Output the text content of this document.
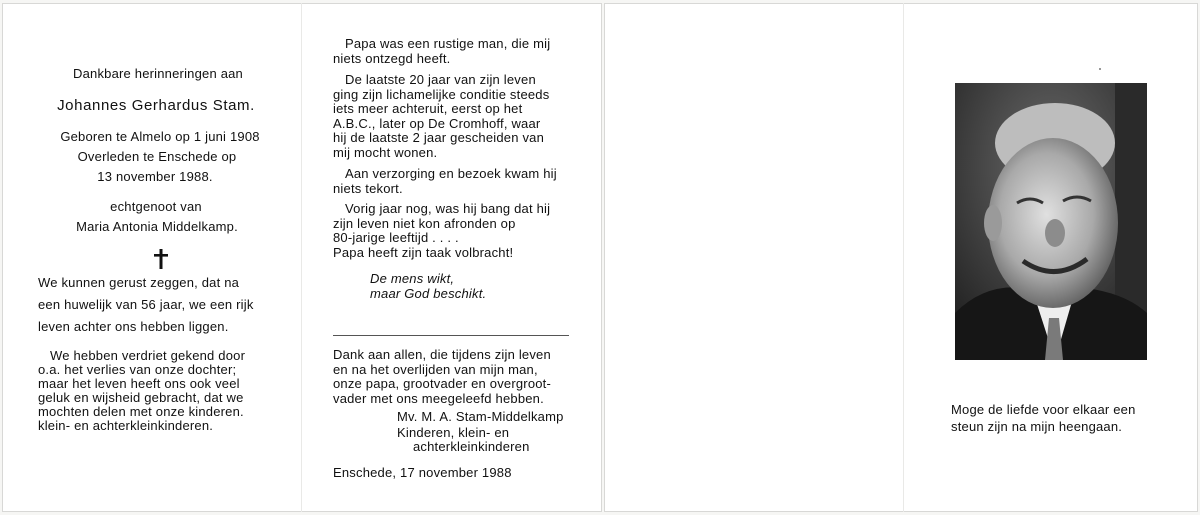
Dankbare herinneringen aan
Johannes Gerhardus Stam.
Geboren te Almelo op 1 juni 1908
Overleden te Enschede op
13 november 1988.
echtgenoot van
Maria Antonia Middelkamp.
We kunnen gerust zeggen, dat na
een huwelijk van 56 jaar, we een rijk
leven achter ons hebben liggen.
We hebben verdriet gekend door
o.a. het verlies van onze dochter;
maar het leven heeft ons ook veel
geluk en wijsheid gebracht, dat we
mochten delen met onze kinderen.
klein- en achterkleinkinderen.
Papa was een rustige man, die mij
niets ontzegd heeft.
De laatste 20 jaar van zijn leven
ging zijn lichamelijke conditie steeds
iets meer achteruit, eerst op het
A.B.C., later op De Cromhoff, waar
hij de laatste 2 jaar gescheiden van
mij mocht wonen.
Aan verzorging en bezoek kwam hij
niets tekort.
Vorig jaar nog, was hij bang dat hij
zijn leven niet kon afronden op
80-jarige leeftijd . . . .
Papa heeft zijn taak volbracht!
De mens wikt,
maar God beschikt.
Dank aan allen, die tijdens zijn leven
en na het overlijden van mijn man,
onze papa, grootvader en overgroot-
vader met ons meegeleefd hebben.
Mv. M. A. Stam-Middelkamp
Kinderen, klein- en
achterkleinkinderen
Enschede, 17 november 1988
Moge de liefde voor elkaar een
steun zijn na mijn heengaan.
